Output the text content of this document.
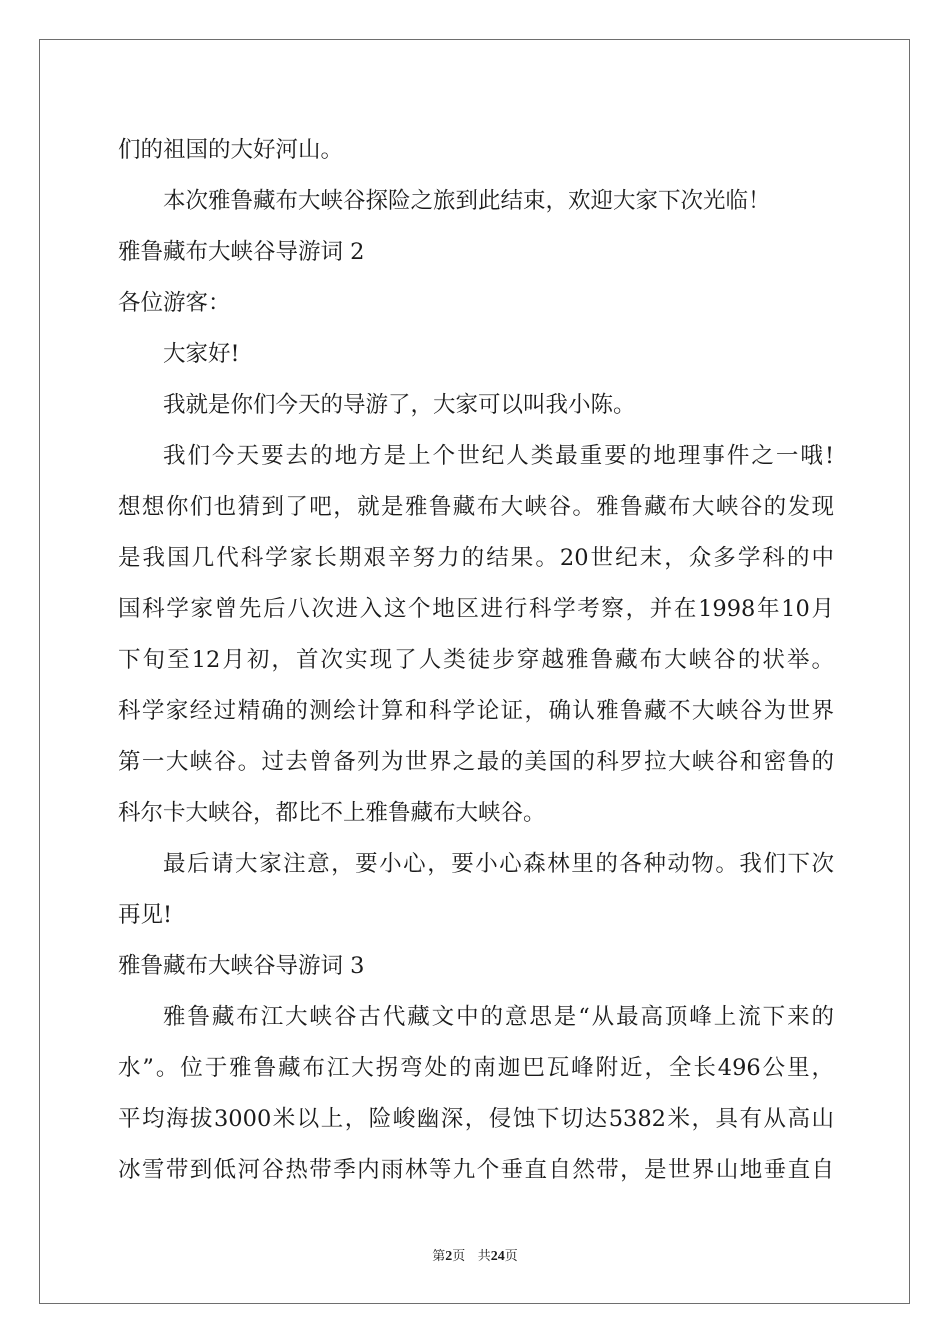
们的祖国的大好河山。
本次雅鲁藏布大峡谷探险之旅到此结束，欢迎大家下次光临！
雅鲁藏布大峡谷导游词 2
各位游客：
大家好!
我就是你们今天的导游了，大家可以叫我小陈。
我们今天要去的地方是上个世纪人类最重要的地理事件之一哦!
想想你们也猜到了吧，就是雅鲁藏布大峡谷。雅鲁藏布大峡谷的发现
是我国几代科学家长期艰辛努力的结果。20世纪末，众多学科的中
国科学家曾先后八次进入这个地区进行科学考察，并在1998年10月
下旬至12月初，首次实现了人类徒步穿越雅鲁藏布大峡谷的状举。
科学家经过精确的测绘计算和科学论证，确认雅鲁藏不大峡谷为世界
第一大峡谷。过去曾备列为世界之最的美国的科罗拉大峡谷和密鲁的
科尔卡大峡谷，都比不上雅鲁藏布大峡谷。
最后请大家注意，要小心，要小心森林里的各种动物。我们下次
再见!
雅鲁藏布大峡谷导游词 3
雅鲁藏布江大峡谷古代藏文中的意思是“从最高顶峰上流下来的
水”。位于雅鲁藏布江大拐弯处的南迦巴瓦峰附近，全长496公里，
平均海拔3000米以上，险峻幽深，侵蚀下切达5382米，具有从高山
冰雪带到低河谷热带季内雨林等九个垂直自然带，是世界山地垂直自
第2页 共24页
